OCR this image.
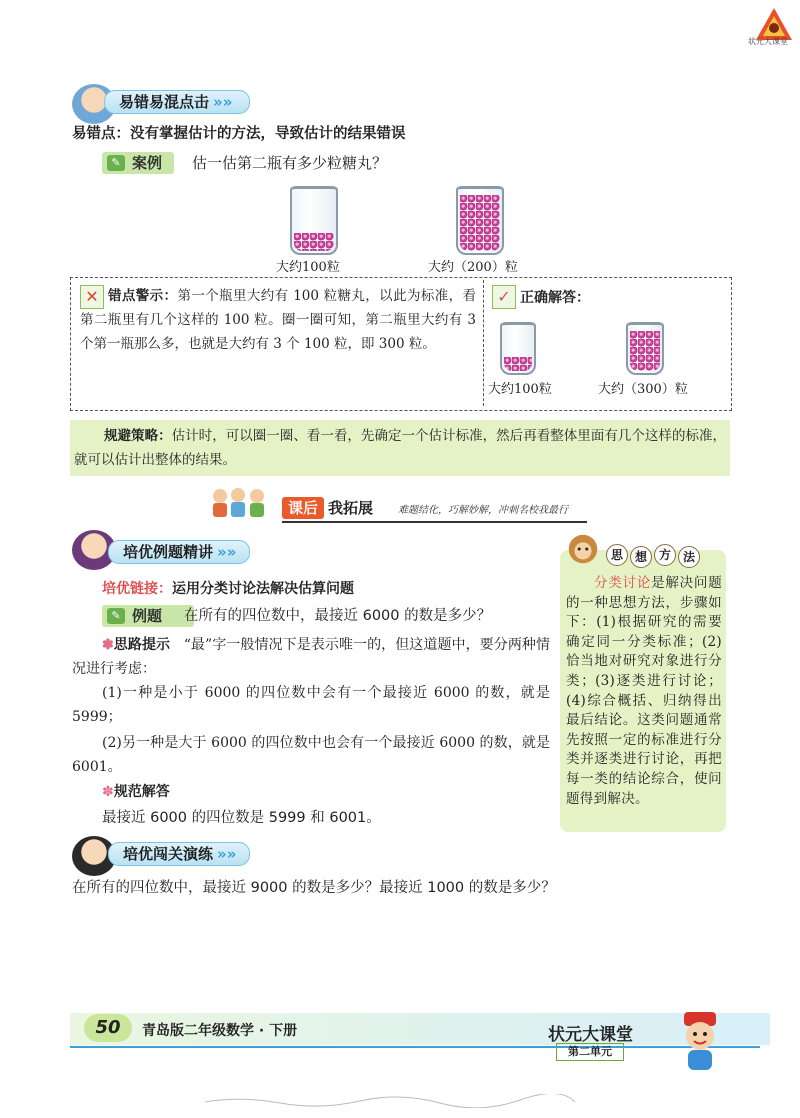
状元大课堂
易错易混点击 »»
易错点：没有掌握估计的方法，导致估计的结果错误
✎ 案例	估一估第二瓶有多少粒糖丸？
大约100粒	大约（200）粒
✕ 错点警示：第一个瓶里大约有 100 粒糖丸，以此为标准，看第二瓶里有几个这样的 100 粒。圈一圈可知，第二瓶里大约有 3 个第一瓶那么多，也就是大约有 3 个 100 粒，即 300 粒。
✓ 正确解答：
大约100粒	大约（300）粒
规避策略：估计时，可以圈一圈、看一看，先确定一个估计标准，然后再看整体里面有几个这样的标准，就可以估计出整体的结果。
课后 我拓展 难题结化，巧解妙解，冲刺名校我最行
培优例题精讲 »»
培优链接：运用分类讨论法解决估算问题
✎ 例题	在所有的四位数中，最接近 6000 的数是多少？
✽思路提示 “最”字一般情况下是表示唯一的，但这道题中，要分两种情况进行考虑：
(1)一种是小于 6000 的四位数中会有一个最接近 6000 的数，就是 5999；
(2)另一种是大于 6000 的四位数中也会有一个最接近 6000 的数，就是 6001。
✽规范解答
最接近 6000 的四位数是 5999 和 6001。
思 想 方 法
分类讨论是解决问题的一种思想方法，步骤如下：(1)根据研究的需要确定同一分类标准；(2)恰当地对研究对象进行分类；(3)逐类进行讨论；(4)综合概括、归纳得出最后结论。这类问题通常先按照一定的标准进行分类并逐类进行讨论，再把每一类的结论综合，使问题得到解决。
培优闯关演练 »»
在所有的四位数中，最接近 9000 的数是多少？最接近 1000 的数是多少？
50	青岛版二年级数学 · 下册	状元大课堂
第二单元
